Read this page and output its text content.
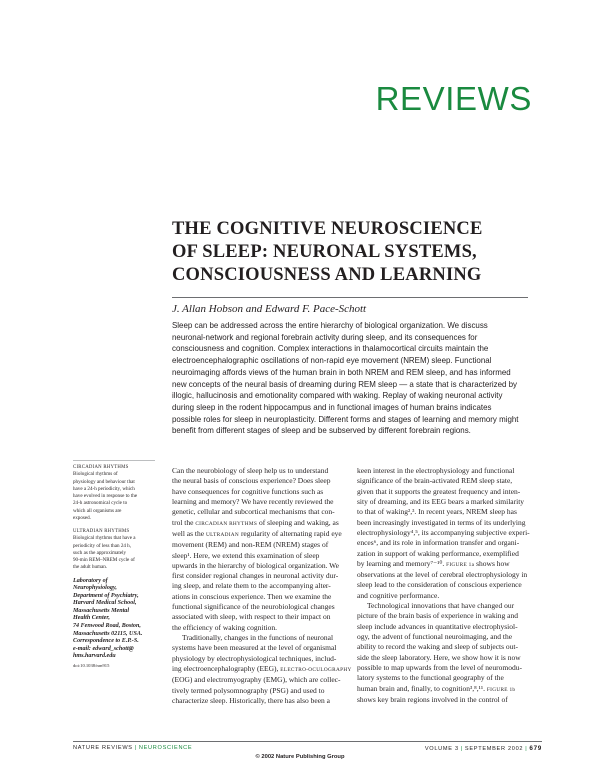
REVIEWS
THE COGNITIVE NEUROSCIENCE
OF SLEEP: NEURONAL SYSTEMS,
CONSCIOUSNESS AND LEARNING
J. Allan Hobson and Edward F. Pace-Schott
Sleep can be addressed across the entire hierarchy of biological organization. We discuss
neuronal-network and regional forebrain activity during sleep, and its consequences for
consciousness and cognition. Complex interactions in thalamocortical circuits maintain the
electroencephalographic oscillations of non-rapid eye movement (NREM) sleep. Functional
neuroimaging affords views of the human brain in both NREM and REM sleep, and has informed
new concepts of the neural basis of dreaming during REM sleep — a state that is characterized by
illogic, hallucinosis and emotionality compared with waking. Replay of waking neuronal activity
during sleep in the rodent hippocampus and in functional images of human brains indicates
possible roles for sleep in neuroplasticity. Different forms and stages of learning and memory might
benefit from different stages of sleep and be subserved by different forebrain regions.
CIRCADIAN RHYTHMS
Biological rhythms of
physiology and behaviour that
have a 24-h periodicity, which
have evolved in response to the
24-h astronomical cycle to
which all organisms are
exposed.
ULTRADIAN RHYTHMS
Biological rhythms that have a
periodicity of less than 24 h,
such as the approximately
90-min REM–NREM cycle of
the adult human.
Laboratory of
Neurophysiology,
Department of Psychiatry,
Harvard Medical School,
Massachusetts Mental
Health Center,
74 Fenwood Road, Boston,
Massachusetts 02115, USA.
Correspondence to E.P.-S.
e-mail: edward_schott@
hms.harvard.edu
doi:10.1038/nrn915
Can the neurobiology of sleep help us to understand
the neural basis of conscious experience? Does sleep
have consequences for cognitive functions such as
learning and memory? We have recently reviewed the
genetic, cellular and subcortical mechanisms that con-
trol the CIRCADIAN RHYTHMS of sleeping and waking, as
well as the ULTRADIAN regularity of alternating rapid eye
movement (REM) and non-REM (NREM) stages of
sleep¹. Here, we extend this examination of sleep
upwards in the hierarchy of biological organization. We
first consider regional changes in neuronal activity dur-
ing sleep, and relate them to the accompanying alter-
ations in conscious experience. Then we examine the
functional significance of the neurobiological changes
associated with sleep, with respect to their impact on
the efficiency of waking cognition.
Traditionally, changes in the functions of neuronal
systems have been measured at the level of organismal
physiology by electrophysiological techniques, includ-
ing electroencephalography (EEG), ELECTRO-OCULOGRAPHY
(EOG) and electromyography (EMG), which are collec-
tively termed polysomnography (PSG) and used to
characterize sleep. Historically, there has also been a
keen interest in the electrophysiology and functional
significance of the brain-activated REM sleep state,
given that it supports the greatest frequency and inten-
sity of dreaming, and its EEG bears a marked similarity
to that of waking²,³. In recent years, NREM sleep has
been increasingly investigated in terms of its underlying
electrophysiology⁴,⁵, its accompanying subjective experi-
ences⁶, and its role in information transfer and organi-
zation in support of waking performance, exemplified
by learning and memory⁷⁻¹⁰. FIGURE 1a shows how
observations at the level of cerebral electrophysiology in
sleep lead to the consideration of conscious experience
and cognitive performance.
Technological innovations that have changed our
picture of the brain basis of experience in waking and
sleep include advances in quantitative electrophysiol-
ogy, the advent of functional neuroimaging, and the
ability to record the waking and sleep of subjects out-
side the sleep laboratory. Here, we show how it is now
possible to map upwards from the level of neuromodu-
latory systems to the functional geography of the
human brain and, finally, to cognition³,⁸,¹¹. FIGURE 1b
shows key brain regions involved in the control of
NATURE REVIEWS | NEUROSCIENCE	VOLUME 3 | SEPTEMBER 2002 | 679
© 2002 Nature Publishing Group
